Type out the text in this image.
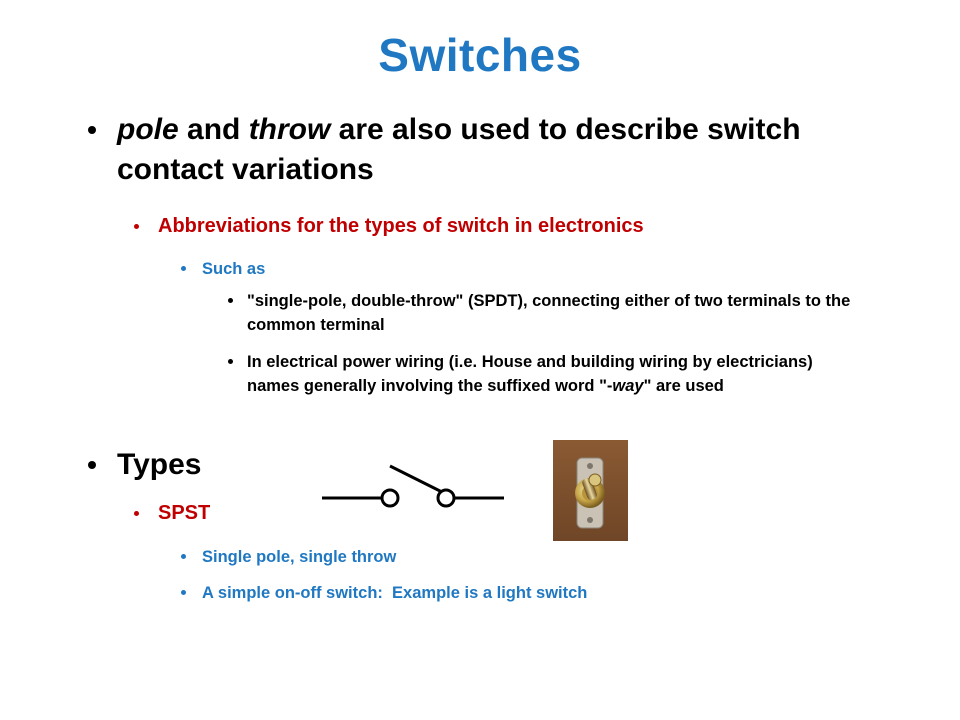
Switches
pole and throw are also used to describe switch contact variations
Abbreviations for the types of switch in electronics
Such as
"single-pole, double-throw" (SPDT), connecting either of two terminals to the common terminal
In electrical power wiring (i.e. House and building wiring by electricians) names generally involving the suffixed word "-way" are used
Types
SPST
Single pole, single throw
A simple on-off switch:  Example is a light switch
